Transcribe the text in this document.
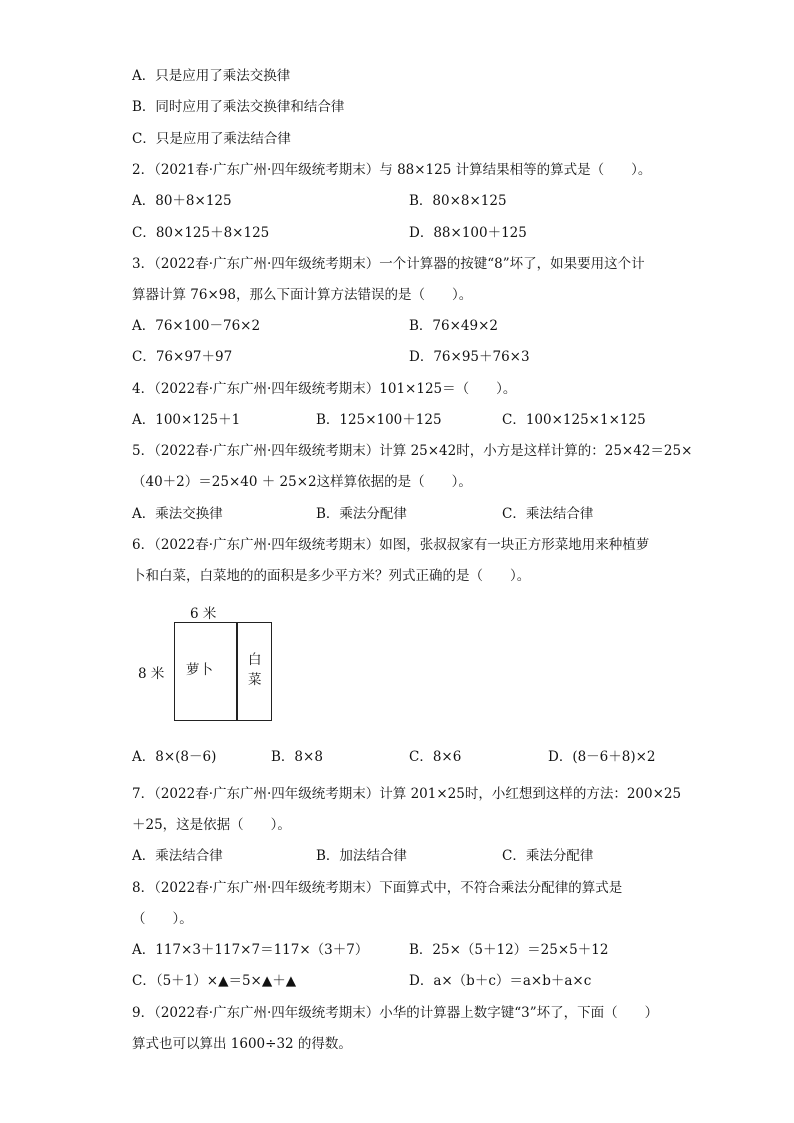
A．只是应用了乘法交换律
B．同时应用了乘法交换律和结合律
C．只是应用了乘法结合律
2．（2021春·广东广州·四年级统考期末）与 88×125 计算结果相等的算式是（　　）。
A．80＋8×125	B．80×8×125
C．80×125＋8×125	D．88×100＋125
3．（2022春·广东广州·四年级统考期末）一个计算器的按键“8”坏了，如果要用这个计
算器计算 76×98，那么下面计算方法错误的是（　　）。
A．76×100－76×2	B．76×49×2
C．76×97＋97	D．76×95＋76×3
4．（2022春·广东广州·四年级统考期末）101×125＝（　　）。
A．100×125＋1	B．125×100＋125	C．100×125×1×125
5．（2022春·广东广州·四年级统考期末）计算 25×42时，小方是这样计算的：25×42＝25×
（40＋2）＝25×40 ＋ 25×2这样算依据的是（　　）。
A．乘法交换律	B．乘法分配律	C．乘法结合律
6．（2022春·广东广州·四年级统考期末）如图，张叔叔家有一块正方形菜地用来种植萝
卜和白菜，白菜地的的面积是多少平方米？列式正确的是（　　）。
6 米
8 米 萝卜
白
菜
A．8×(8－6)	B．8×8	C．8×6	D．(8－6＋8)×2
7．（2022春·广东广州·四年级统考期末）计算 201×25时，小红想到这样的方法：200×25
＋25，这是依据（　　）。
A．乘法结合律	B．加法结合律	C．乘法分配律
8．（2022春·广东广州·四年级统考期末）下面算式中，不符合乘法分配律的算式是
（　　）。
A．117×3＋117×7＝117×（3＋7）	B．25×（5＋12）＝25×5＋12
C．（5＋1）×▲＝5×▲＋▲	D．a×（b＋c）＝a×b＋a×c
9．（2022春·广东广州·四年级统考期末）小华的计算器上数字键“3”坏了，下面（　　）
算式也可以算出 1600÷32 的得数。
